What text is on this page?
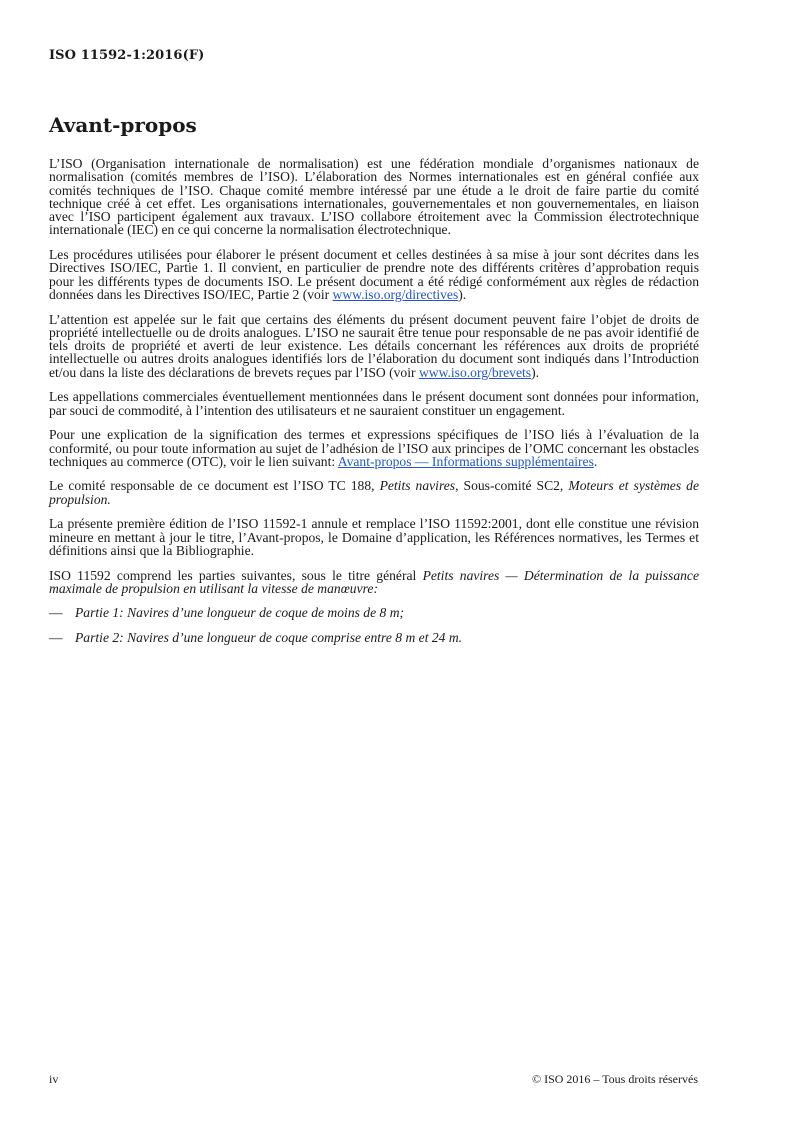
ISO 11592-1:2016(F)
Avant-propos

L’ISO (Organisation internationale de normalisation) est une fédération mondiale d’organismes nationaux de normalisation (comités membres de l’ISO). L’élaboration des Normes internationales est en général confiée aux comités techniques de l’ISO. Chaque comité membre intéressé par une étude a le droit de faire partie du comité technique créé à cet effet. Les organisations internationales, gouvernementales et non gouvernementales, en liaison avec l’ISO participent également aux travaux. L’ISO collabore étroitement avec la Commission électrotechnique internationale (IEC) en ce qui concerne la normalisation électrotechnique.

Les procédures utilisées pour élaborer le présent document et celles destinées à sa mise à jour sont décrites dans les Directives ISO/IEC, Partie 1. Il convient, en particulier de prendre note des différents critères d’approbation requis pour les différents types de documents ISO. Le présent document a été rédigé conformément aux règles de rédaction données dans les Directives ISO/IEC, Partie 2 (voir www.iso.org/directives).

L’attention est appelée sur le fait que certains des éléments du présent document peuvent faire l’objet de droits de propriété intellectuelle ou de droits analogues. L’ISO ne saurait être tenue pour responsable de ne pas avoir identifié de tels droits de propriété et averti de leur existence. Les détails concernant les références aux droits de propriété intellectuelle ou autres droits analogues identifiés lors de l’élaboration du document sont indiqués dans l’Introduction et/ou dans la liste des déclarations de brevets reçues par l’ISO (voir www.iso.org/brevets).

Les appellations commerciales éventuellement mentionnées dans le présent document sont données pour information, par souci de commodité, à l’intention des utilisateurs et ne sauraient constituer un engagement.

Pour une explication de la signification des termes et expressions spécifiques de l’ISO liés à l’évaluation de la conformité, ou pour toute information au sujet de l’adhésion de l’ISO aux principes de l’OMC concernant les obstacles techniques au commerce (OTC), voir le lien suivant: Avant-propos — Informations supplémentaires.

Le comité responsable de ce document est l’ISO TC 188, Petits navires, Sous-comité SC2, Moteurs et systèmes de propulsion.

La présente première édition de l’ISO 11592-1 annule et remplace l’ISO 11592:2001, dont elle constitue une révision mineure en mettant à jour le titre, l’Avant-propos, le Domaine d’application, les Références normatives, les Termes et définitions ainsi que la Bibliographie.

ISO 11592 comprend les parties suivantes, sous le titre général Petits navires — Détermination de la puissance maximale de propulsion en utilisant la vitesse de manœuvre:

— Partie 1: Navires d’une longueur de coque de moins de 8 m;
— Partie 2: Navires d’une longueur de coque comprise entre 8 m et 24 m.
iv	© ISO 2016 – Tous droits réservés
